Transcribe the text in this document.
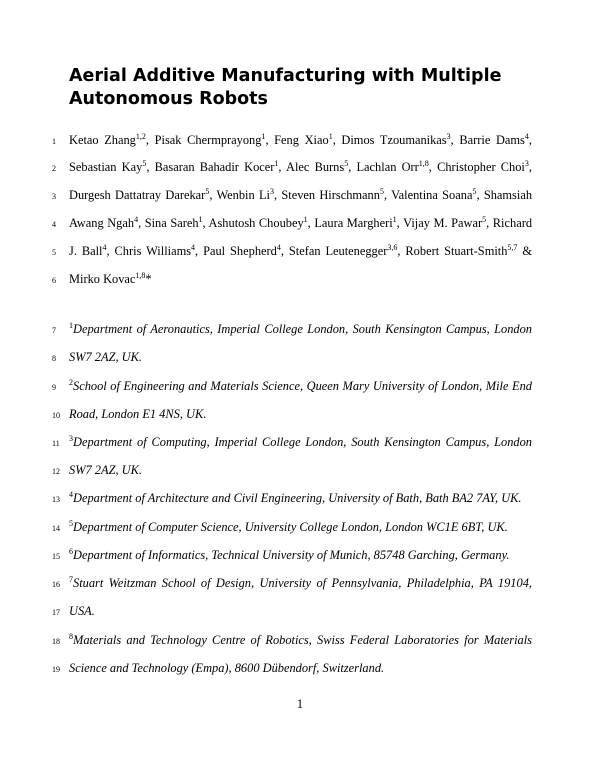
Aerial Additive Manufacturing with Multiple Autonomous Robots
1	Ketao Zhang$^{1,2}$, Pisak Chermprayong$^1$, Feng Xiao$^1$, Dimos Tzoumanikas$^3$, Barrie Dams$^4$,
2	Sebastian Kay$^5$, Basaran Bahadir Kocer$^1$, Alec Burns$^5$, Lachlan Orr$^{1,8}$, Christopher Choi$^3$,
3	Durgesh Dattatray Darekar$^5$, Wenbin Li$^3$, Steven Hirschmann$^5$, Valentina Soana$^5$, Shamsiah
4	Awang Ngah$^4$, Sina Sareh$^1$, Ashutosh Choubey$^1$, Laura Margheri$^1$, Vijay M. Pawar$^5$, Richard
5	J. Ball$^4$, Chris Williams$^4$, Paul Shepherd$^4$, Stefan Leutenegger$^{3,6}$, Robert Stuart-Smith$^{5,7}$ &
6	Mirko Kovac$^{1,8}$*
7
$^1$Department of Aeronautics, Imperial College London, South Kensington Campus, London
8	SW7 2AZ, UK.
9
$^2$School of Engineering and Materials Science, Queen Mary University of London, Mile End
10 Road, London E1 4NS, UK.
11
$^3$Department of Computing, Imperial College London, South Kensington Campus, London
12 SW7 2AZ, UK.
13
$^4$Department of Architecture and Civil Engineering, University of Bath, Bath BA2 7AY, UK.
14
$^5$Department of Computer Science, University College London, London WC1E 6BT, UK.
15
$^6$Department of Informatics, Technical University of Munich, 85748 Garching, Germany.
16
$^7$Stuart Weitzman School of Design, University of Pennsylvania, Philadelphia, PA 19104,
17 USA.
18
$^8$Materials and Technology Centre of Robotics, Swiss Federal Laboratories for Materials
19 Science and Technology (Empa), 8600 Dübendorf, Switzerland.
1
